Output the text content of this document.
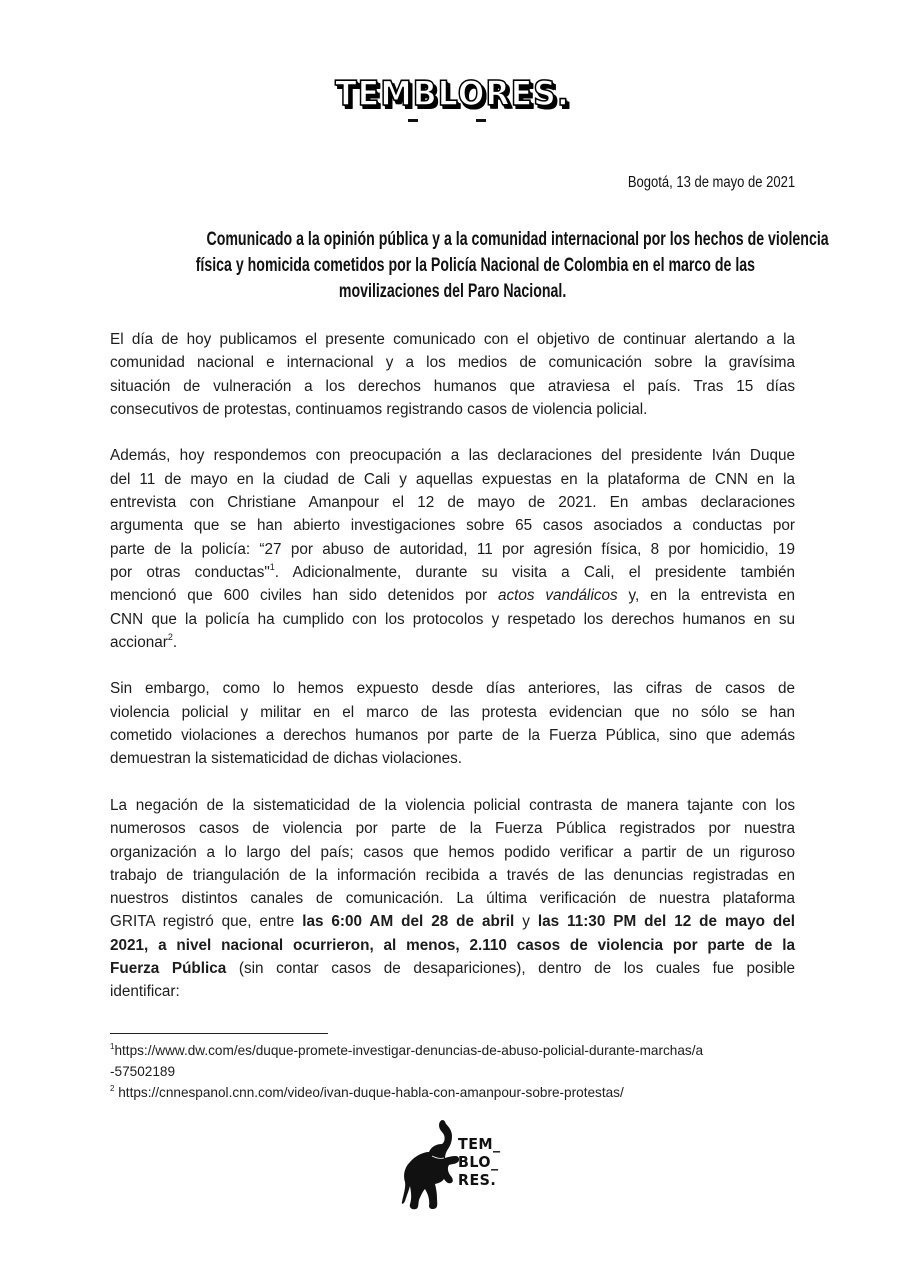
TEMBLORES.
Bogotá, 13 de mayo de 2021
Comunicado a la opinión pública y a la comunidad internacional por los hechos de violencia
física y homicida cometidos por la Policía Nacional de Colombia en el marco de las
movilizaciones del Paro Nacional.
El día de hoy publicamos el presente comunicado con el objetivo de continuar alertando a la
comunidad nacional e internacional y a los medios de comunicación sobre la gravísima
situación de vulneración a los derechos humanos que atraviesa el país. Tras 15 días
consecutivos de protestas, continuamos registrando casos de violencia policial.
Además, hoy respondemos con preocupación a las declaraciones del presidente Iván Duque
del 11 de mayo en la ciudad de Cali y aquellas expuestas en la plataforma de CNN en la
entrevista con Christiane Amanpour el 12 de mayo de 2021. En ambas declaraciones
argumenta que se han abierto investigaciones sobre 65 casos asociados a conductas por
parte de la policía: “27 por abuso de autoridad, 11 por agresión física, 8 por homicidio, 19
por otras conductas"$^1$. Adicionalmente, durante su visita a Cali, el presidente también
mencionó que 600 civiles han sido detenidos por actos vandálicos y, en la entrevista en
CNN que la policía ha cumplido con los protocolos y respetado los derechos humanos en su
accionar$^2$.
Sin embargo, como lo hemos expuesto desde días anteriores, las cifras de casos de
violencia policial y militar en el marco de las protesta evidencian que no sólo se han
cometido violaciones a derechos humanos por parte de la Fuerza Pública, sino que además
demuestran la sistematicidad de dichas violaciones.
La negación de la sistematicidad de la violencia policial contrasta de manera tajante con los
numerosos casos de violencia por parte de la Fuerza Pública registrados por nuestra
organización a lo largo del país; casos que hemos podido verificar a partir de un riguroso
trabajo de triangulación de la información recibida a través de las denuncias registradas en
nuestros distintos canales de comunicación. La última verificación de nuestra plataforma
GRITA registró que, entre las 6:00 AM del 28 de abril y las 11:30 PM del 12 de mayo del
2021, a nivel nacional ocurrieron, al menos, 2.110 casos de violencia por parte de la
Fuerza Pública (sin contar casos de desapariciones), dentro de los cuales fue posible
identificar:
$^1$https://www.dw.com/es/duque-promete-investigar-denuncias-de-abuso-policial-durante-marchas/a
-57502189
$^2$ https://cnnespanol.cnn.com/video/ivan-duque-habla-con-amanpour-sobre-protestas/
TEM_
BLO_
RES.
